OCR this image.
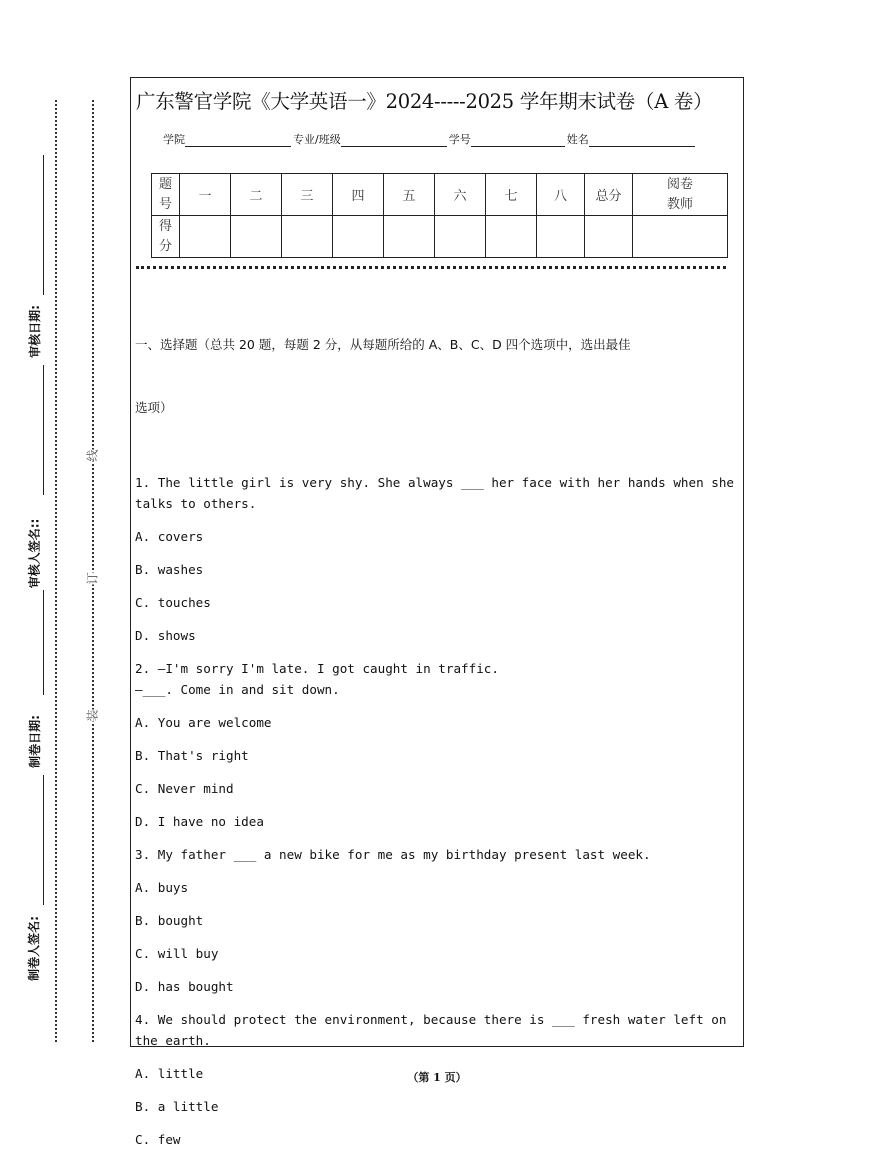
审核日期:
审核人签名::
制卷日期:
制卷人签名:
线
订
装
广东警官学院《大学英语一》2024-----2025 学年期末试卷（A 卷）
学院	专业/班级	学号	姓名
题号	一	二	三	四	五	六	七	八	总分	阅卷教师
得分										

一、选择题（总共 20 题，每题 2 分，从每题所给的 A、B、C、D 四个选项中，选出最佳

选项）

1. The little girl is very shy. She always ___ her face with her hands when she
talks to others.
A. covers
B. washes
C. touches
D. shows
2. —I'm sorry I'm late. I got caught in traffic.
—___. Come in and sit down.
A. You are welcome
B. That's right
C. Never mind
D. I have no idea
3. My father ___ a new bike for me as my birthday present last week.
A. buys
B. bought
C. will buy
D. has bought
4. We should protect the environment, because there is ___ fresh water left on
the earth.
A. little
B. a little
C. few
（第 1 页）
